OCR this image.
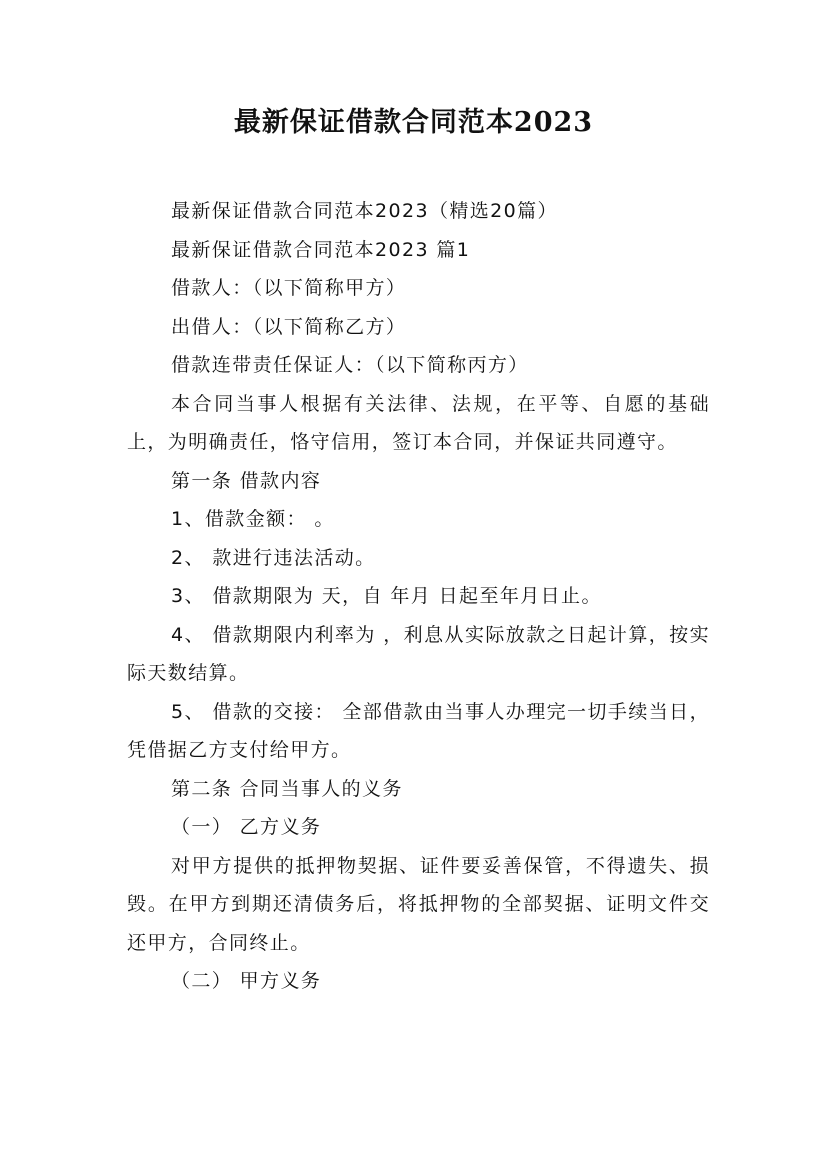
最新保证借款合同范本2023

最新保证借款合同范本2023（精选20篇）

最新保证借款合同范本2023 篇1

借款人：（以下简称甲方）

出借人：（以下简称乙方）

借款连带责任保证人：（以下简称丙方）

本合同当事人根据有关法律、法规，在平等、自愿的基础上，为明确责任，恪守信用，签订本合同，并保证共同遵守。

第一条 借款内容

1、借款金额： 。

2、 款进行违法活动。

3、 借款期限为 天，自 年月 日起至年月日止。

4、 借款期限内利率为 ，利息从实际放款之日起计算，按实际天数结算。

5、 借款的交接： 全部借款由当事人办理完一切手续当日，凭借据乙方支付给甲方。

第二条 合同当事人的义务

（一） 乙方义务

对甲方提供的抵押物契据、证件要妥善保管，不得遗失、损毁。在甲方到期还清债务后，将抵押物的全部契据、证明文件交还甲方，合同终止。

（二） 甲方义务
